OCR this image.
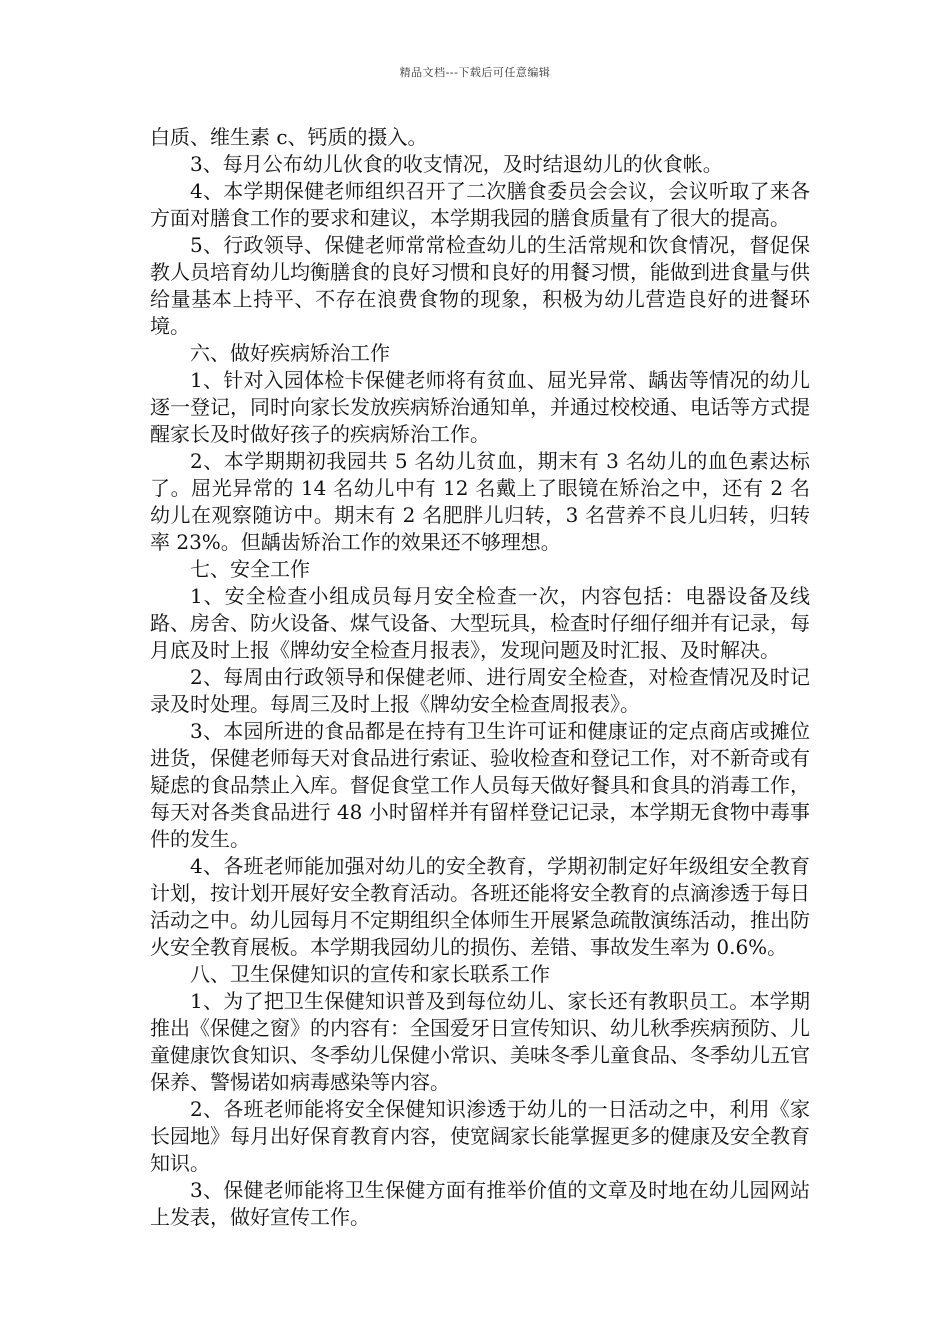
精品文档---下载后可任意编辑

白质、维生素 c、钙质的摄入。

3、每月公布幼儿伙食的收支情况，及时结退幼儿的伙食帐。

4、本学期保健老师组织召开了二次膳食委员会会议，会议听取了来各方面对膳食工作的要求和建议，本学期我园的膳食质量有了很大的提高。

5、行政领导、保健老师常常检查幼儿的生活常规和饮食情况，督促保教人员培育幼儿均衡膳食的良好习惯和良好的用餐习惯，能做到进食量与供给量基本上持平、不存在浪费食物的现象，积极为幼儿营造良好的进餐环境。

六、做好疾病矫治工作

1、针对入园体检卡保健老师将有贫血、屈光异常、龋齿等情况的幼儿逐一登记，同时向家长发放疾病矫治通知单，并通过校校通、电话等方式提醒家长及时做好孩子的疾病矫治工作。

2、本学期期初我园共 5 名幼儿贫血，期末有 3 名幼儿的血色素达标了。屈光异常的 14 名幼儿中有 12 名戴上了眼镜在矫治之中，还有 2 名幼儿在观察随访中。期末有 2 名肥胖儿归转，3 名营养不良儿归转，归转率 23%。但龋齿矫治工作的效果还不够理想。

七、安全工作

1、安全检查小组成员每月安全检查一次，内容包括：电器设备及线路、房舍、防火设备、煤气设备、大型玩具，检查时仔细仔细并有记录，每月底及时上报《牌幼安全检查月报表》，发现问题及时汇报、及时解决。

2、每周由行政领导和保健老师、进行周安全检查，对检查情况及时记录及时处理。每周三及时上报《牌幼安全检查周报表》。

3、本园所进的食品都是在持有卫生许可证和健康证的定点商店或摊位进货，保健老师每天对食品进行索证、验收检查和登记工作，对不新奇或有疑虑的食品禁止入库。督促食堂工作人员每天做好餐具和食具的消毒工作，每天对各类食品进行 48 小时留样并有留样登记记录，本学期无食物中毒事件的发生。

4、各班老师能加强对幼儿的安全教育，学期初制定好年级组安全教育计划，按计划开展好安全教育活动。各班还能将安全教育的点滴渗透于每日活动之中。幼儿园每月不定期组织全体师生开展紧急疏散演练活动，推出防火安全教育展板。本学期我园幼儿的损伤、差错、事故发生率为 0.6%。

八、卫生保健知识的宣传和家长联系工作

1、为了把卫生保健知识普及到每位幼儿、家长还有教职员工。本学期推出《保健之窗》的内容有：全国爱牙日宣传知识、幼儿秋季疾病预防、儿童健康饮食知识、冬季幼儿保健小常识、美味冬季儿童食品、冬季幼儿五官保养、警惕诺如病毒感染等内容。

2、各班老师能将安全保健知识渗透于幼儿的一日活动之中，利用《家长园地》每月出好保育教育内容，使宽阔家长能掌握更多的健康及安全教育知识。

3、保健老师能将卫生保健方面有推举价值的文章及时地在幼儿园网站上发表，做好宣传工作。
